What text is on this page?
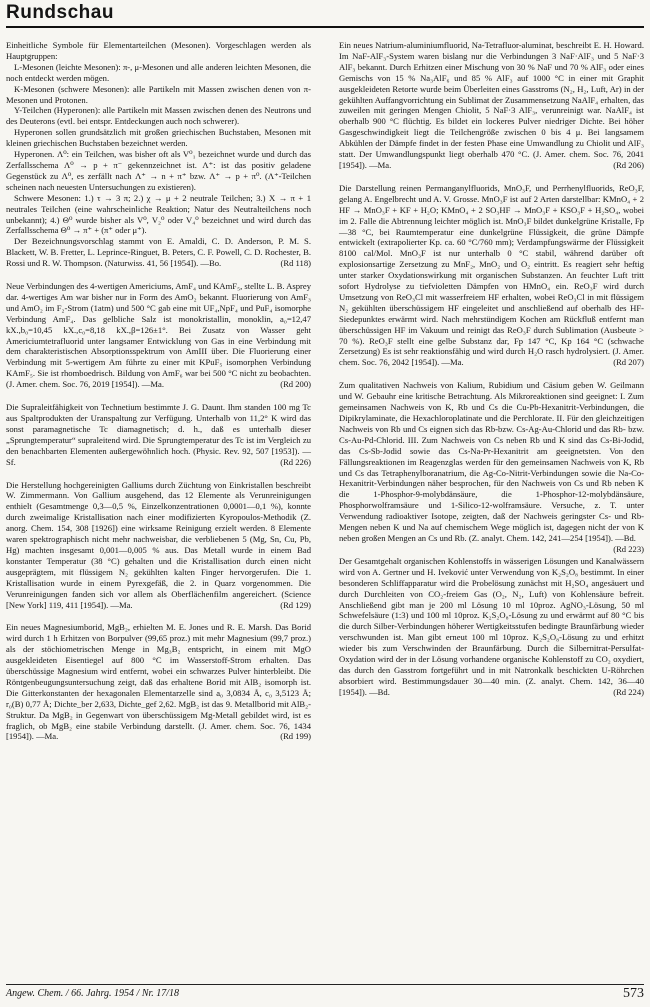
Rundschau

Einheitliche Symbole für Elementarteilchen (Mesonen). Vorgeschlagen werden als Hauptgruppen:

L-Mesonen (leichte Mesonen): π-, μ-Mesonen und alle anderen leichten Mesonen, die noch entdeckt werden mögen.

K-Mesonen (schwere Mesonen): alle Partikeln mit Massen zwischen denen von π-Mesonen und Protonen.

Y-Teilchen (Hyperonen): alle Partikeln mit Massen zwischen denen des Neutrons und des Deuterons (evtl. bei entspr. Entdeckungen auch noch schwerer).

Hyperonen sollen grundsätzlich mit großen griechischen Buchstaben, Mesonen mit kleinen griechischen Buchstaben bezeichnet werden.

Hyperonen. Λ⁰: ein Teilchen, was bisher oft als V⁰₁ bezeichnet wurde und durch das Zerfallsschema Λ⁰ → p + π⁻ gekennzeichnet ist. Λ⁺: ist das positiv geladene Gegenstück zu Λ⁰, es zerfällt nach Λ⁺ → n + π⁺ bzw. Λ⁺ → p + π⁰. (Λ⁺-Teilchen scheinen nach neuesten Untersuchungen zu existieren).

Schwere Mesonen: 1.) τ → 3 π; 2.) χ → μ + 2 neutrale Teilchen; 3.) X → π + 1 neutrales Teilchen (eine wahrscheinliche Reaktion; Natur des Neutralteilchens noch unbekannt); 4.) Θ⁰ wurde bisher als V⁰, V₂⁰ oder V₄⁰ bezeichnet und wird durch das Zerfallsschema Θ⁰ → π⁺ + (π⁺ oder μ⁺).

Der Bezeichnungsvorschlag stammt von E. Amaldi, C. D. Anderson, P. M. S. Blackett, W. B. Fretter, L. Leprince-Ringuet, B. Peters, C. F. Powell, C. D. Rochester, B. Rossi und R. W. Thompson. (Naturwiss. 41, 56 [1954]). —Bo.	(Rd 118)

Neue Verbindungen des 4-wertigen Americiums, AmF₄ und KAmF₅, stellte L. B. Asprey dar. 4-wertiges Am war bisher nur in Form des AmO₂ bekannt. Fluorierung von AmF₃ und AmO₂ im F₂-Strom (1atm) und 500 °C gab eine mit UF₄,NpF₄ und PuF₄ isomorphe Verbindung AmF₄. Das gelbliche Salz ist monokristallin, monoklin, a₀=12,47 kX.,b₀=10,45 kX.,c₀=8,18 kX.,β=126±1°. Bei Zusatz von Wasser geht Americiumtetrafluorid unter langsamer Entwicklung von Gas in eine Verbindung mit dem charakteristischen Absorptionsspektrum von AmIII über. Die Fluorierung einer Verbindung mit 5-wertigem Am führte zu einer mit KPuF₅ isomorphen Verbindung KAmF₅. Sie ist rhomboedrisch. Bildung von AmF₆ war bei 500 °C nicht zu beobachten. (J. Amer. chem. Soc. 76, 2019 [1954]). —Ma.	(Rd 200)

Die Supraleitfähigkeit von Technetium bestimmte J. G. Daunt. Ihm standen 100 mg Tc aus Spaltprodukten der Uranspaltung zur Verfügung. Unterhalb von 11,2° K wird das sonst paramagnetische Tc diamagnetisch; d. h., daß es unterhalb dieser „Sprungtemperatur“ supraleitend wird. Die Sprungtemperatur des Tc ist im Vergleich zu den benachbarten Elementen außergewöhnlich hoch. (Physic. Rev. 92, 507 [1953]). —Sf.	(Rd 226)

Die Herstellung hochgereinigten Galliums durch Züchtung von Einkristallen beschreibt W. Zimmermann. Von Gallium ausgehend, das 12 Elemente als Verunreinigungen enthielt (Gesamtmenge 0,3—0,5 %, Einzelkonzentrationen 0,0001—0,1 %), konnte durch zweimalige Kristallisation nach einer modifizierten Kyropoulos-Methodik (Z. anorg. Chem. 154, 308 [1926]) eine wirksame Reinigung erzielt werden. 8 Elemente waren spektrographisch nicht mehr nachweisbar, die verbliebenen 5 (Mg, Sn, Cu, Pb, Hg) machten insgesamt 0,001—0,005 % aus. Das Metall wurde in einem Bad konstanter Temperatur (38 °C) gehalten und die Kristallisation durch einen nicht ausgeprägtem, mit flüssigem N₂ gekühlten kalten Finger hervorgerufen. Die 1. Kristallisation wurde in einem Pyrexgefäß, die 2. in Quarz vorgenommen. Die Verunreinigungen fanden sich vor allem als Oberflächenfilm angereichert. (Science [New York] 119, 411 [1954]). —Ma.	(Rd 129)

Ein neues Magnesiumborid, MgB₂, erhielten M. E. Jones und R. E. Marsh. Das Borid wird durch 1 h Erhitzen von Borpulver (99,65 proz.) mit mehr Magnesium (99,7 proz.) als der stöchiometrischen Menge in Mg₃B₂ entspricht, in einem mit MgO ausgekleideten Eisentiegel auf 800 °C im Wasserstoff-Strom erhalten. Das überschüssige Magnesium wird entfernt, wobei ein schwarzes Pulver hinterbleibt. Die Röntgenbeugungsuntersuchung zeigt, daß das erhaltene Borid mit AlB₂ isomorph ist. Die Gitterkonstanten der hexagonalen Elementarzelle sind a₀ 3,0834 Å, c₀ 3,5123 Å; r₀(B) 0,77 Å; Dichte_ber 2,633, Dichte_gef 2,62. MgB₂ ist das 9. Metallborid mit AlB₂-Struktur. Da MgB₂ in Gegenwart von überschüssigem Mg-Metall gebildet wird, ist es fraglich, ob MgB₂ eine stabile Verbindung darstellt. (J. Amer. chem. Soc. 76, 1434 [1954]). —Ma.	(Rd 199)

Ein neues Natrium-aluminiumfluorid, Na-Tetrafluor-aluminat, beschreibt E. H. Howard. Im NaF-AlF₃-System waren bislang nur die Verbindungen 3 NaF·AlF₃ und 5 NaF·3 AlF₃ bekannt. Durch Erhitzen einer Mischung von 30 % NaF und 70 % AlF₃ oder eines Gemischs von 15 % Na₃AlF₆ und 85 % AlF₃ auf 1000 °C in einer mit Graphit ausgekleideten Retorte wurde beim Überleiten eines Gasstroms (N₂, H₂, Luft, Ar) in der gekühlten Auffangvorrichtung ein Sublimat der Zusammensetzung NaAlF₄ erhalten, das zuweilen mit geringen Mengen Chiolit, 5 NaF·3 AlF₃, verunreinigt war. NaAlF₄ ist oberhalb 900 °C flüchtig. Es bildet ein lockeres Pulver niedriger Dichte. Bei höher Gasgeschwindigkeit liegt die Teilchengröße zwischen 0 bis 4 μ. Bei langsamem Abkühlen der Dämpfe findet in der festen Phase eine Umwandlung zu Chiolit und AlF₃ statt. Der Umwandlungspunkt liegt oberhalb 470 °C. (J. Amer. chem. Soc. 76, 2041 [1954]). —Ma.	(Rd 206)

Die Darstellung reinen Permanganylfluorids, MnO₃F, und Perrhenylfluorids, ReO₃F, gelang A. Engelbrecht und A. V. Grosse. MnO₃F ist auf 2 Arten darstellbar: KMnO₄ + 2 HF → MnO₃F + KF + H₂O; KMnO₄ + 2 SO₃HF → MnO₃F + KSO₃F + H₂SO₄, wobei im 2. Falle die Abtrennung leichter möglich ist. MnO₃F bildet dunkelgrüne Kristalle, Fp —38 °C, bei Raumtemperatur eine dunkelgrüne Flüssigkeit, die grüne Dämpfe entwickelt (extrapolierter Kp. ca. 60 °C/760 mm); Verdampfungswärme der Flüssigkeit 8100 cal/Mol. MnO₃F ist nur unterhalb 0 °C stabil, während darüber oft explosionsartige Zersetzung zu MnF₂, MnO₂ und O₂ eintritt. Es reagiert sehr heftig unter starker Oxydationswirkung mit organischen Substanzen. An feuchter Luft tritt sofort Hydrolyse zu tiefvioletten Dämpfen von HMnO₄ ein. ReO₃F wird durch Umsetzung von ReO₃Cl mit wasserfreiem HF erhalten, wobei ReO₃Cl in mit flüssigem N₂ gekühlten überschüssigem HF eingeleitet und anschließend auf oberhalb des HF-Siedepunktes erwärmt wird. Nach mehrstündigem Kochen am Rückfluß entfernt man überschüssigen HF im Vakuum und reinigt das ReO₃F durch Sublimation (Ausbeute > 70 %). ReO₃F stellt eine gelbe Substanz dar, Fp 147 °C, Kp 164 °C (schwache Zersetzung) Es ist sehr reaktionsfähig und wird durch H₂O rasch hydrolysiert. (J. Amer. chem. Soc. 76, 2042 [1954]). —Ma.	(Rd 207)

Zum qualitativen Nachweis von Kalium, Rubidium und Cäsium geben W. Geilmann und W. Gebauhr eine kritische Betrachtung. Als Mikroreaktionen sind geeignet: I. Zum gemeinsamen Nachweis von K, Rb und Cs die Cu-Pb-Hexanitrit-Verbindungen, die Dipikrylaminate, die Hexachloroplatinate und die Perchlorate. II. Für den gleichzeitigen Nachweis von Rb und Cs eignen sich das Rb-bzw. Cs-Ag-Au-Chlorid und das Rb- bzw. Cs-Au-Pd-Chlorid. III. Zum Nachweis von Cs neben Rb und K sind das Cs-Bi-Jodid, das Cs-Sb-Jodid sowie das Cs-Na-Pr-Hexanitrit am geeignetsten. Von den Fällungsreaktionen im Reagenzglas werden für den gemeinsamen Nachweis von K, Rb und Cs das Tetraphenylboranatrium, die Ag-Co-Nitrit-Verbindungen sowie die Na-Co-Hexanitrit-Verbindungen näher besprochen, für den Nachweis von Cs und Rb neben K die 1-Phosphor-9-molybdänsäure, die 1-Phosphor-12-molybdänsäure, Phosphorwolframsäure und 1-Silico-12-wolframsäure. Versuche, z. T. unter Verwendung radioaktiver Isotope, zeigten, daß der Nachweis geringster Cs- und Rb-Mengen neben K und Na auf chemischem Wege möglich ist, dagegen nicht der von K neben großen Mengen an Cs und Rb. (Z. analyt. Chem. 142, 241—254 [1954]). —Bd.
(Rd 223)

Der Gesamtgehalt organischen Kohlenstoffs in wässerigen Lösungen und Kanalwässern wird von A. Gertner und H. Iveković unter Verwendung von K₂S₂O₈ bestimmt. In einer besonderen Schliffapparatur wird die Probelösung zunächst mit H₂SO₄ angesäuert und durch Durchleiten von CO₂-freiem Gas (O₂, N₂, Luft) von Kohlensäure befreit. Anschließend gibt man je 200 ml Lösung 10 ml 10proz. AgNO₃-Lösung, 50 ml Schwefelsäure (1:3) und 100 ml 10proz. K₂S₂O₈-Lösung zu und erwärmt auf 80 °C bis die durch Silber-Verbindungen höherer Wertigkeitsstufen bedingte Braunfärbung wieder verschwunden ist. Man gibt erneut 100 ml 10proz. K₂S₂O₈-Lösung zu und erhitzt wieder bis zum Verschwinden der Braunfärbung. Durch die Silbernitrat-Persulfat-Oxydation wird der in der Lösung vorhandene organische Kohlenstoff zu CO₂ oxydiert, das durch den Gasstrom fortgeführt und in mit Natronkalk beschickten U-Röhrchen absorbiert wird. Bestimmungsdauer 30—40 min. (Z. analyt. Chem. 142, 36—40 [1954]). —Bd.	(Rd 224)

Angew. Chem. / 66. Jahrg. 1954 / Nr. 17/18	573
